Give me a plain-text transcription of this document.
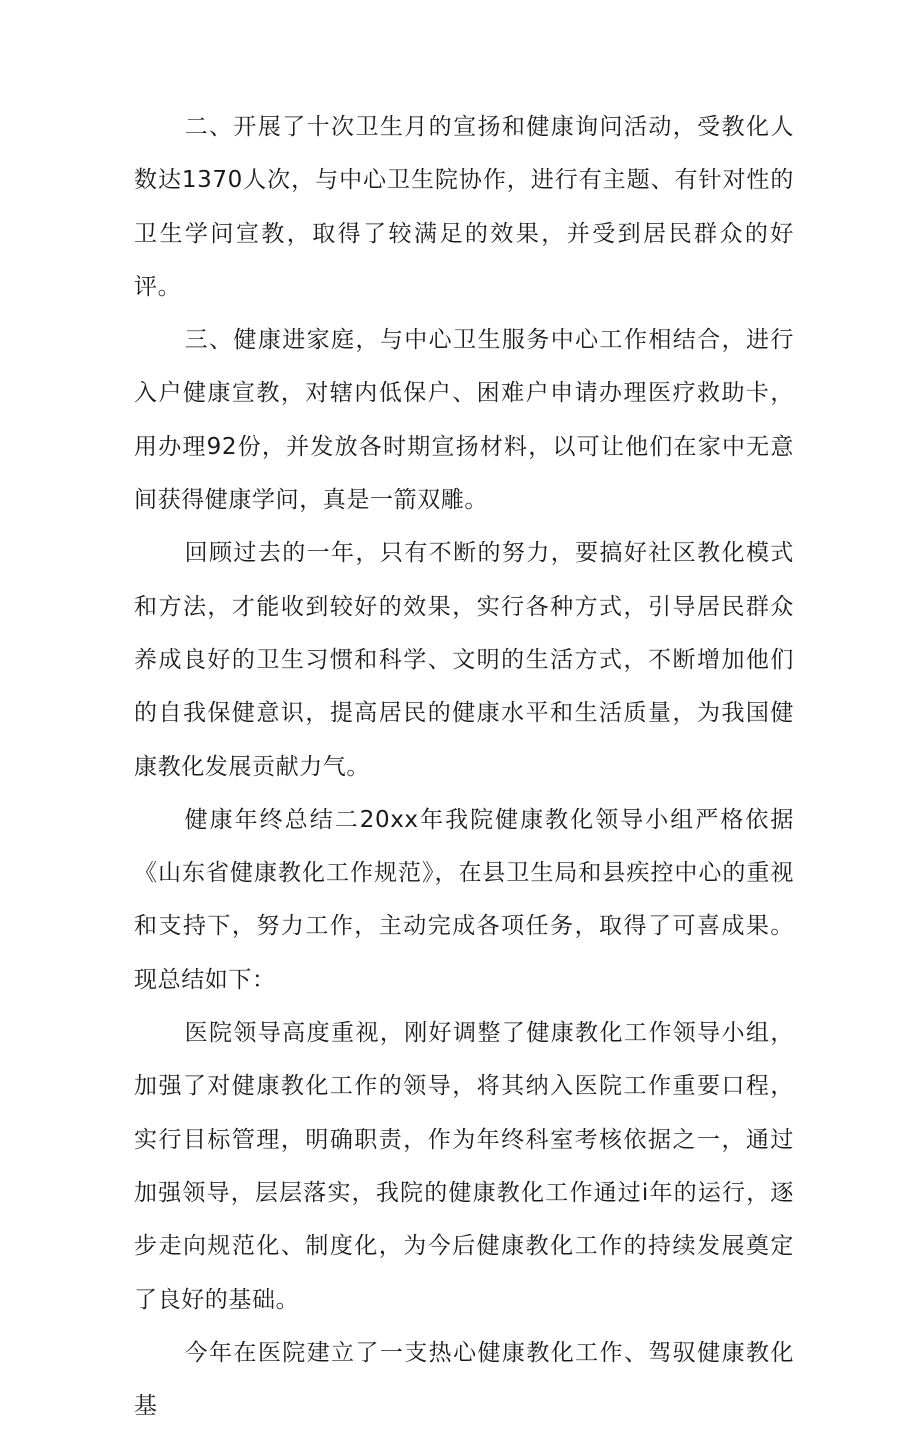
二、开展了十次卫生月的宣扬和健康询问活动，受教化人数达1370人次，与中心卫生院协作，进行有主题、有针对性的卫生学问宣教，取得了较满足的效果，并受到居民群众的好评。

三、健康进家庭，与中心卫生服务中心工作相结合，进行入户健康宣教，对辖内低保户、困难户申请办理医疗救助卡，用办理92份，并发放各时期宣扬材料，以可让他们在家中无意间获得健康学问，真是一箭双雕。

回顾过去的一年，只有不断的努力，要搞好社区教化模式和方法，才能收到较好的效果，实行各种方式，引导居民群众养成良好的卫生习惯和科学、文明的生活方式，不断增加他们的自我保健意识，提高居民的健康水平和生活质量，为我国健康教化发展贡献力气。

健康年终总结二20xx年我院健康教化领导小组严格依据《山东省健康教化工作规范》，在县卫生局和县疾控中心的重视和支持下，努力工作，主动完成各项任务，取得了可喜成果。现总结如下：

医院领导高度重视，刚好调整了健康教化工作领导小组，加强了对健康教化工作的领导，将其纳入医院工作重要口程，实行目标管理，明确职责，作为年终科室考核依据之一，通过加强领导，层层落实，我院的健康教化工作通过i年的运行，逐步走向规范化、制度化，为今后健康教化工作的持续发展奠定了良好的基础。

今年在医院建立了一支热心健康教化工作、驾驭健康教化基
